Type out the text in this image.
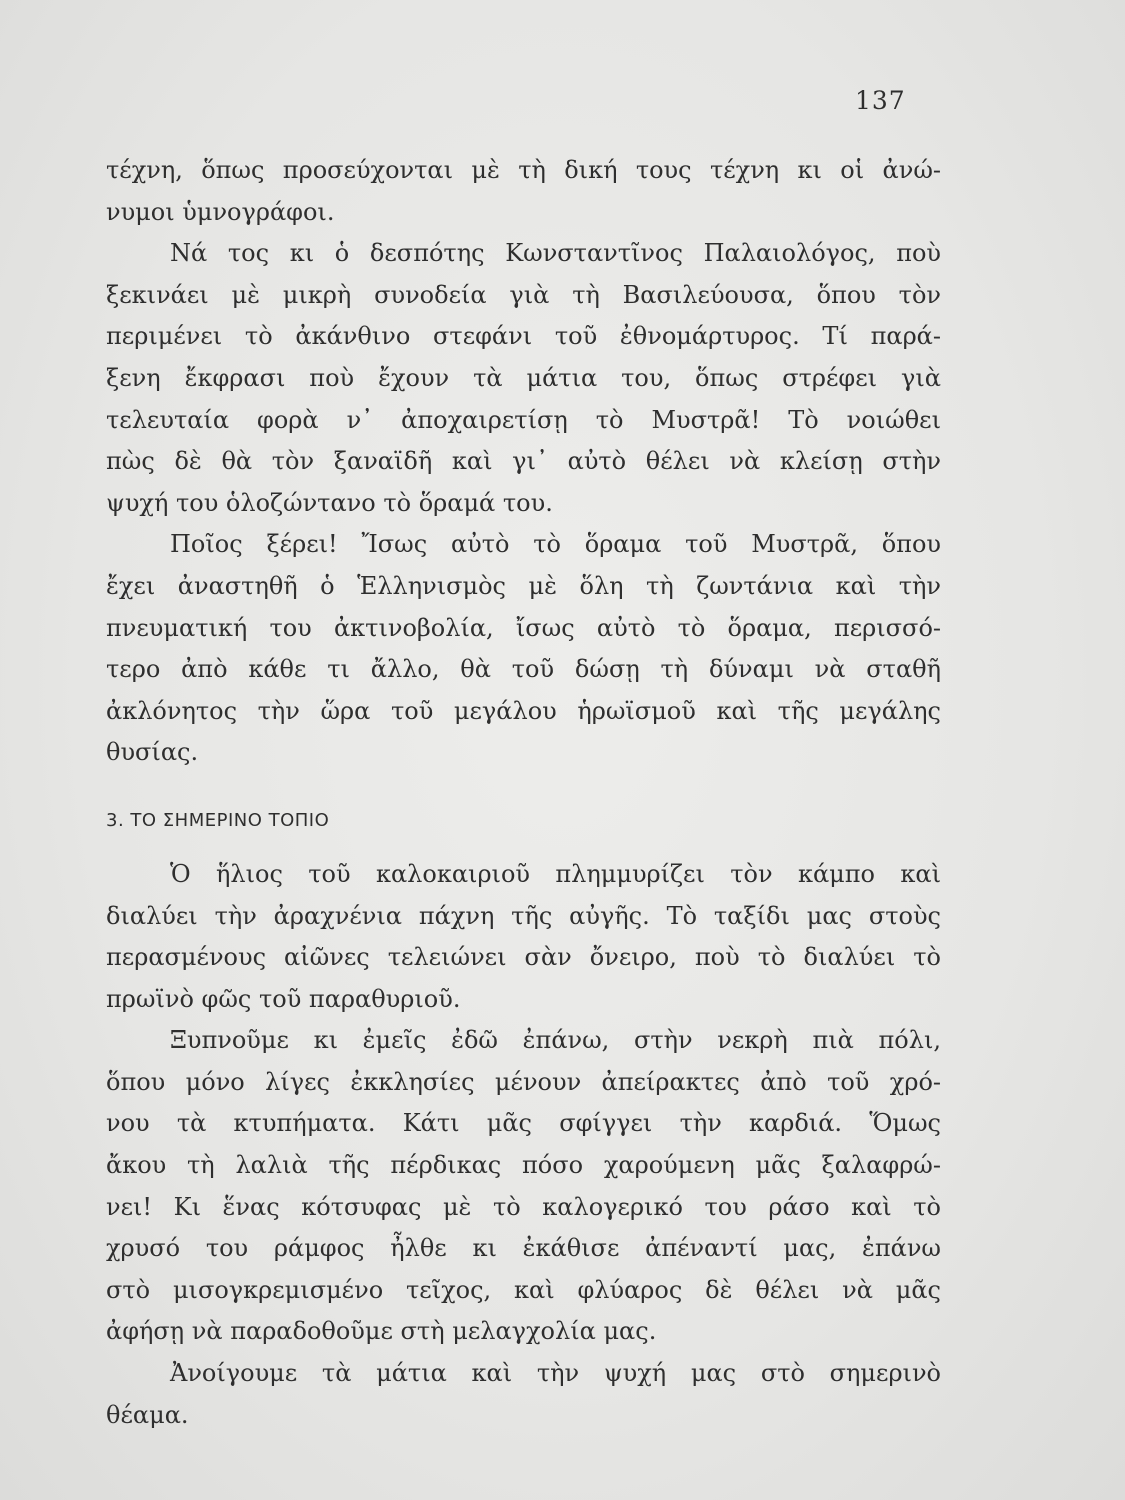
137
τέχνη, ὅπως προσεύχονται μὲ τὴ δική τους τέχνη κι οἱ ἀνώ-
νυμοι ὑμνογράφοι.
Νά τος κι ὁ δεσπότης Κωνσταντῖνος Παλαιολόγος, ποὺ
ξεκινάει μὲ μικρὴ συνοδεία γιὰ τὴ Βασιλεύουσα, ὅπου τὸν
περιμένει τὸ ἀκάνθινο στεφάνι τοῦ ἐθνομάρτυρος. Τί παρά-
ξενη ἔκφρασι ποὺ ἔχουν τὰ μάτια του, ὅπως στρέφει γιὰ
τελευταία φορὰ ν᾿ ἀποχαιρετίσῃ τὸ Μυστρᾶ! Τὸ νοιώθει
πὼς δὲ θὰ τὸν ξαναϊδῆ καὶ γι᾿ αὐτὸ θέλει νὰ κλείσῃ στὴν
ψυχή του ὁλοζώντανο τὸ ὅραμά του.
Ποῖος ξέρει! Ἴσως αὐτὸ τὸ ὅραμα τοῦ Μυστρᾶ, ὅπου
ἔχει ἀναστηθῆ ὁ Ἑλληνισμὸς μὲ ὅλη τὴ ζωντάνια καὶ τὴν
πνευματική του ἀκτινοβολία, ἴσως αὐτὸ τὸ ὅραμα, περισσό-
τερο ἀπὸ κάθε τι ἄλλο, θὰ τοῦ δώσῃ τὴ δύναμι νὰ σταθῆ
ἀκλόνητος τὴν ὥρα τοῦ μεγάλου ἡρωϊσμοῦ καὶ τῆς μεγάλης
θυσίας.
3. ΤΟ ΣΗΜΕΡΙΝΟ ΤΟΠΙΟ
Ὁ ἥλιος τοῦ καλοκαιριοῦ πλημμυρίζει τὸν κάμπο καὶ
διαλύει τὴν ἀραχνένια πάχνη τῆς αὐγῆς. Τὸ ταξίδι μας στοὺς
περασμένους αἰῶνες τελειώνει σὰν ὄνειρο, ποὺ τὸ διαλύει τὸ
πρωϊνὸ φῶς τοῦ παραθυριοῦ.
Ξυπνοῦμε κι ἐμεῖς ἐδῶ ἐπάνω, στὴν νεκρὴ πιὰ πόλι,
ὅπου μόνο λίγες ἐκκλησίες μένουν ἀπείρακτες ἀπὸ τοῦ χρό-
νου τὰ κτυπήματα. Κάτι μᾶς σφίγγει τὴν καρδιά. Ὅμως
ἄκου τὴ λαλιὰ τῆς πέρδικας πόσο χαρούμενη μᾶς ξαλαφρώ-
νει! Κι ἕνας κότσυφας μὲ τὸ καλογερικό του ράσο καὶ τὸ
χρυσό του ράμφος ἦλθε κι ἐκάθισε ἀπέναντί μας, ἐπάνω
στὸ μισογκρεμισμένο τεῖχος, καὶ φλύαρος δὲ θέλει νὰ μᾶς
ἀφήσῃ νὰ παραδοθοῦμε στὴ μελαγχολία μας.
Ἀνοίγουμε τὰ μάτια καὶ τὴν ψυχή μας στὸ σημερινὸ
θέαμα.
